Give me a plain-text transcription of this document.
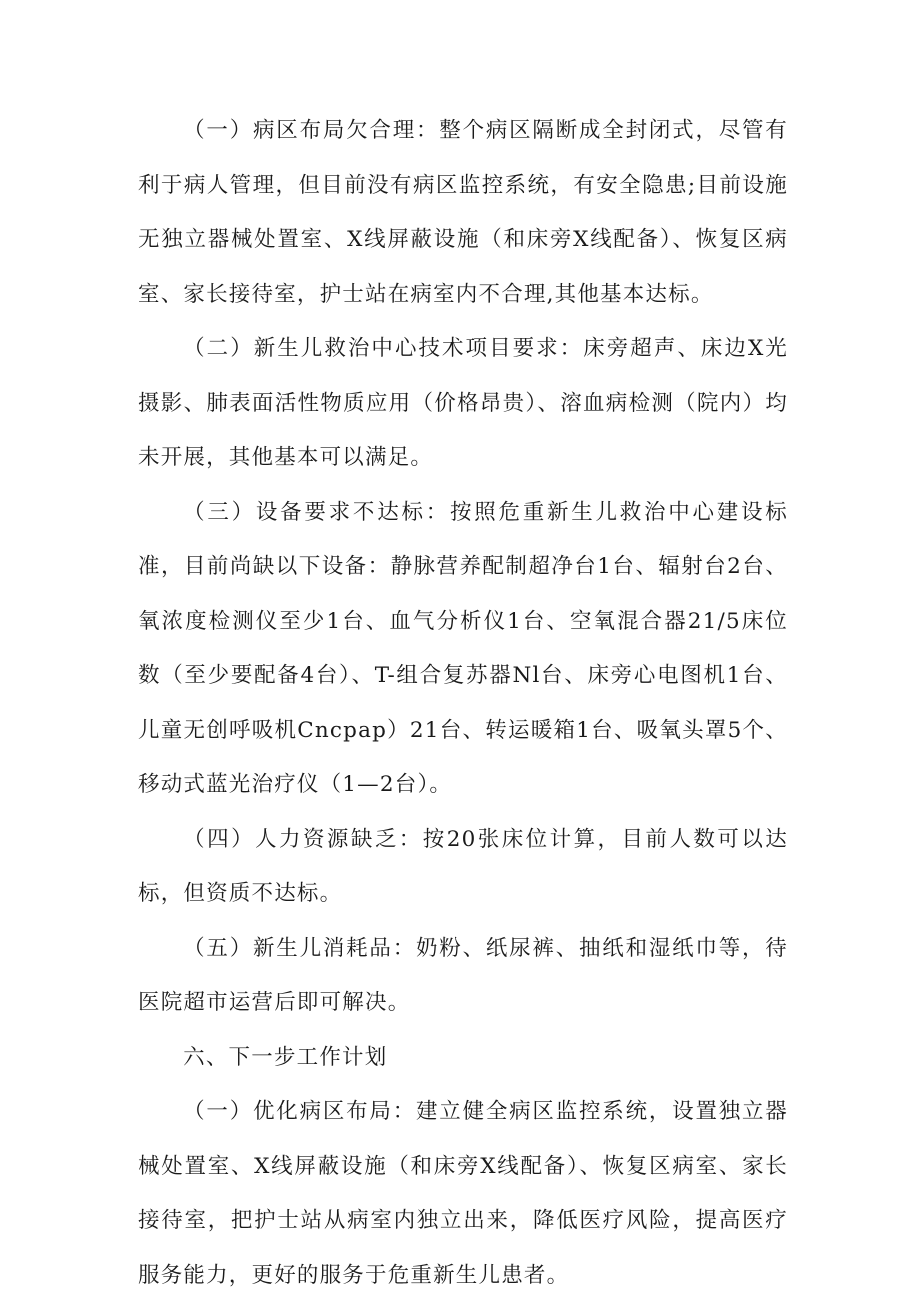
（一）病区布局欠合理：整个病区隔断成全封闭式，尽管有利于病人管理，但目前没有病区监控系统，有安全隐患;目前设施无独立器械处置室、X线屏蔽设施（和床旁X线配备）、恢复区病室、家长接待室，护士站在病室内不合理,其他基本达标。

（二）新生儿救治中心技术项目要求：床旁超声、床边X光摄影、肺表面活性物质应用（价格昂贵）、溶血病检测（院内）均未开展，其他基本可以满足。

（三）设备要求不达标：按照危重新生儿救治中心建设标准，目前尚缺以下设备：静脉营养配制超净台1台、辐射台2台、氧浓度检测仪至少1台、血气分析仪1台、空氧混合器21/5床位数（至少要配备4台）、T-组合复苏器Nl台、床旁心电图机1台、儿童无创呼吸机Cncpap）21台、转运暖箱1台、吸氧头罩5个、移动式蓝光治疗仪（1—2台）。

（四）人力资源缺乏：按20张床位计算，目前人数可以达标，但资质不达标。

（五）新生儿消耗品：奶粉、纸尿裤、抽纸和湿纸巾等，待医院超市运营后即可解决。

六、下一步工作计划

（一）优化病区布局：建立健全病区监控系统，设置独立器械处置室、X线屏蔽设施（和床旁X线配备）、恢复区病室、家长接待室，把护士站从病室内独立出来，降低医疗风险，提高医疗服务能力，更好的服务于危重新生儿患者。
